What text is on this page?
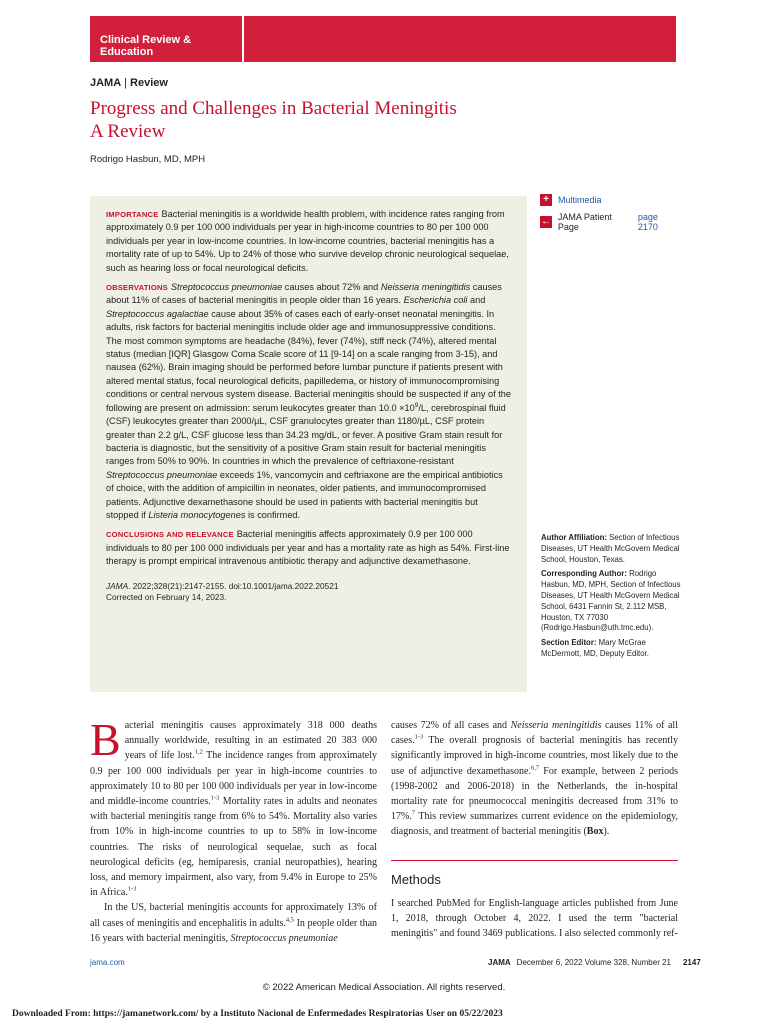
Clinical Review & Education
JAMA | Review
Progress and Challenges in Bacterial Meningitis
A Review
Rodrigo Hasbun, MD, MPH

IMPORTANCE Bacterial meningitis is a worldwide health problem, with incidence rates ranging from approximately 0.9 per 100 000 individuals per year in high-income countries to 80 per 100 000 individuals per year in low-income countries. In low-income countries, bacterial meningitis has a mortality rate of up to 54%. Up to 24% of those who survive develop chronic neurological sequelae, such as hearing loss or focal neurological deficits.

OBSERVATIONS Streptococcus pneumoniae causes about 72% and Neisseria meningitidis causes about 11% of cases of bacterial meningitis in people older than 16 years. Escherichia coli and Streptococcus agalactiae cause about 35% of cases each of early-onset neonatal meningitis. In adults, risk factors for bacterial meningitis include older age and immunosuppressive conditions. The most common symptoms are headache (84%), fever (74%), stiff neck (74%), altered mental status (median [IQR] Glasgow Coma Scale score of 11 [9-14] on a scale ranging from 3-15), and nausea (62%). Brain imaging should be performed before lumbar puncture if patients present with altered mental status, focal neurological deficits, papilledema, or history of immunocompromising conditions or central nervous system disease. Bacterial meningitis should be suspected if any of the following are present on admission: serum leukocytes greater than $10.0 \times 10^9/L$, cerebrospinal fluid (CSF) leukocytes greater than 2000/µL, CSF granulocytes greater than 1180/µL, CSF protein greater than 2.2 g/L, CSF glucose less than 34.23 mg/dL, or fever. A positive Gram stain result for bacteria is diagnostic, but the sensitivity of a positive Gram stain result for bacterial meningitis ranges from 50% to 90%. In countries in which the prevalence of ceftriaxone-resistant Streptococcus pneumoniae exceeds 1%, vancomycin and ceftriaxone are the empirical antibiotics of choice, with the addition of ampicillin in neonates, older patients, and immunocompromised patients. Adjunctive dexamethasone should be used in patients with bacterial meningitis but stopped if Listeria monocytogenes is confirmed.

CONCLUSIONS AND RELEVANCE Bacterial meningitis affects approximately 0.9 per 100 000 individuals to 80 per 100 000 individuals per year and has a mortality rate as high as 54%. First-line therapy is prompt empirical intravenous antibiotic therapy and adjunctive dexamethasone.

JAMA. 2022;328(21):2147-2155. doi:10.1001/jama.2022.20521
Corrected on February 14, 2023.
+	Multimedia
← JAMA Patient Page
page 2170

Author Affiliation: Section of Infectious Diseases, UT Health McGovern Medical School, Houston, Texas.

Corresponding Author: Rodrigo Hasbun, MD, MPH, Section of Infectious Diseases, UT Health McGovern Medical School, 6431 Fannin St, 2.112 MSB, Houston, TX 77030 (Rodrigo.Hasbun@uth.tmc.edu).

Section Editor: Mary McGrae McDermott, MD, Deputy Editor.

Bacterial meningitis causes approximately 318 000 deaths annually worldwide, resulting in an estimated 20 383 000 years of life lost.$^{1,2}$ The incidence ranges from approximately 0.9 per 100 000 individuals per year in high-income countries to approximately 10 to 80 per 100 000 individuals per year in low-income and middle-income countries.$^{1-3}$ Mortality rates in adults and neonates with bacterial meningitis range from 6% to 54%. Mortality also varies from 10% in high-income countries to up to 58% in low-income countries. The risks of neurological sequelae, such as focal neurological deficits (eg, hemiparesis, cranial neuropathies), hearing loss, and memory impairment, also vary, from 9.4% in Europe to 25% in Africa.$^{1-3}$

In the US, bacterial meningitis accounts for approximately 13% of all cases of meningitis and encephalitis in adults.$^{4,5}$ In people older than 16 years with bacterial meningitis, Streptococcus pneumoniae

causes 72% of all cases and Neisseria meningitidis causes 11% of all cases.$^{1-3}$ The overall prognosis of bacterial meningitis has recently significantly improved in high-income countries, most likely due to the use of adjunctive dexamethasone.$^{6,7}$ For example, between 2 periods (1998-2002 and 2006-2018) in the Netherlands, the in-hospital mortality rate for pneumococcal meningitis decreased from 31% to 17%.$^7$ This review summarizes current evidence on the epidemiology, diagnosis, and treatment of bacterial meningitis (Box).

Methods
I searched PubMed for English-language articles published from June 1, 2018, through October 4, 2022. I used the term "bacterial meningitis" and found 3469 publications. I also selected commonly ref-
jama.com	JAMA December 6, 2022 Volume 328, Number 21 2147
© 2022 American Medical Association. All rights reserved.
Downloaded From: https://jamanetwork.com/ by a Instituto Nacional de Enfermedades Respiratorias User on 05/22/2023
